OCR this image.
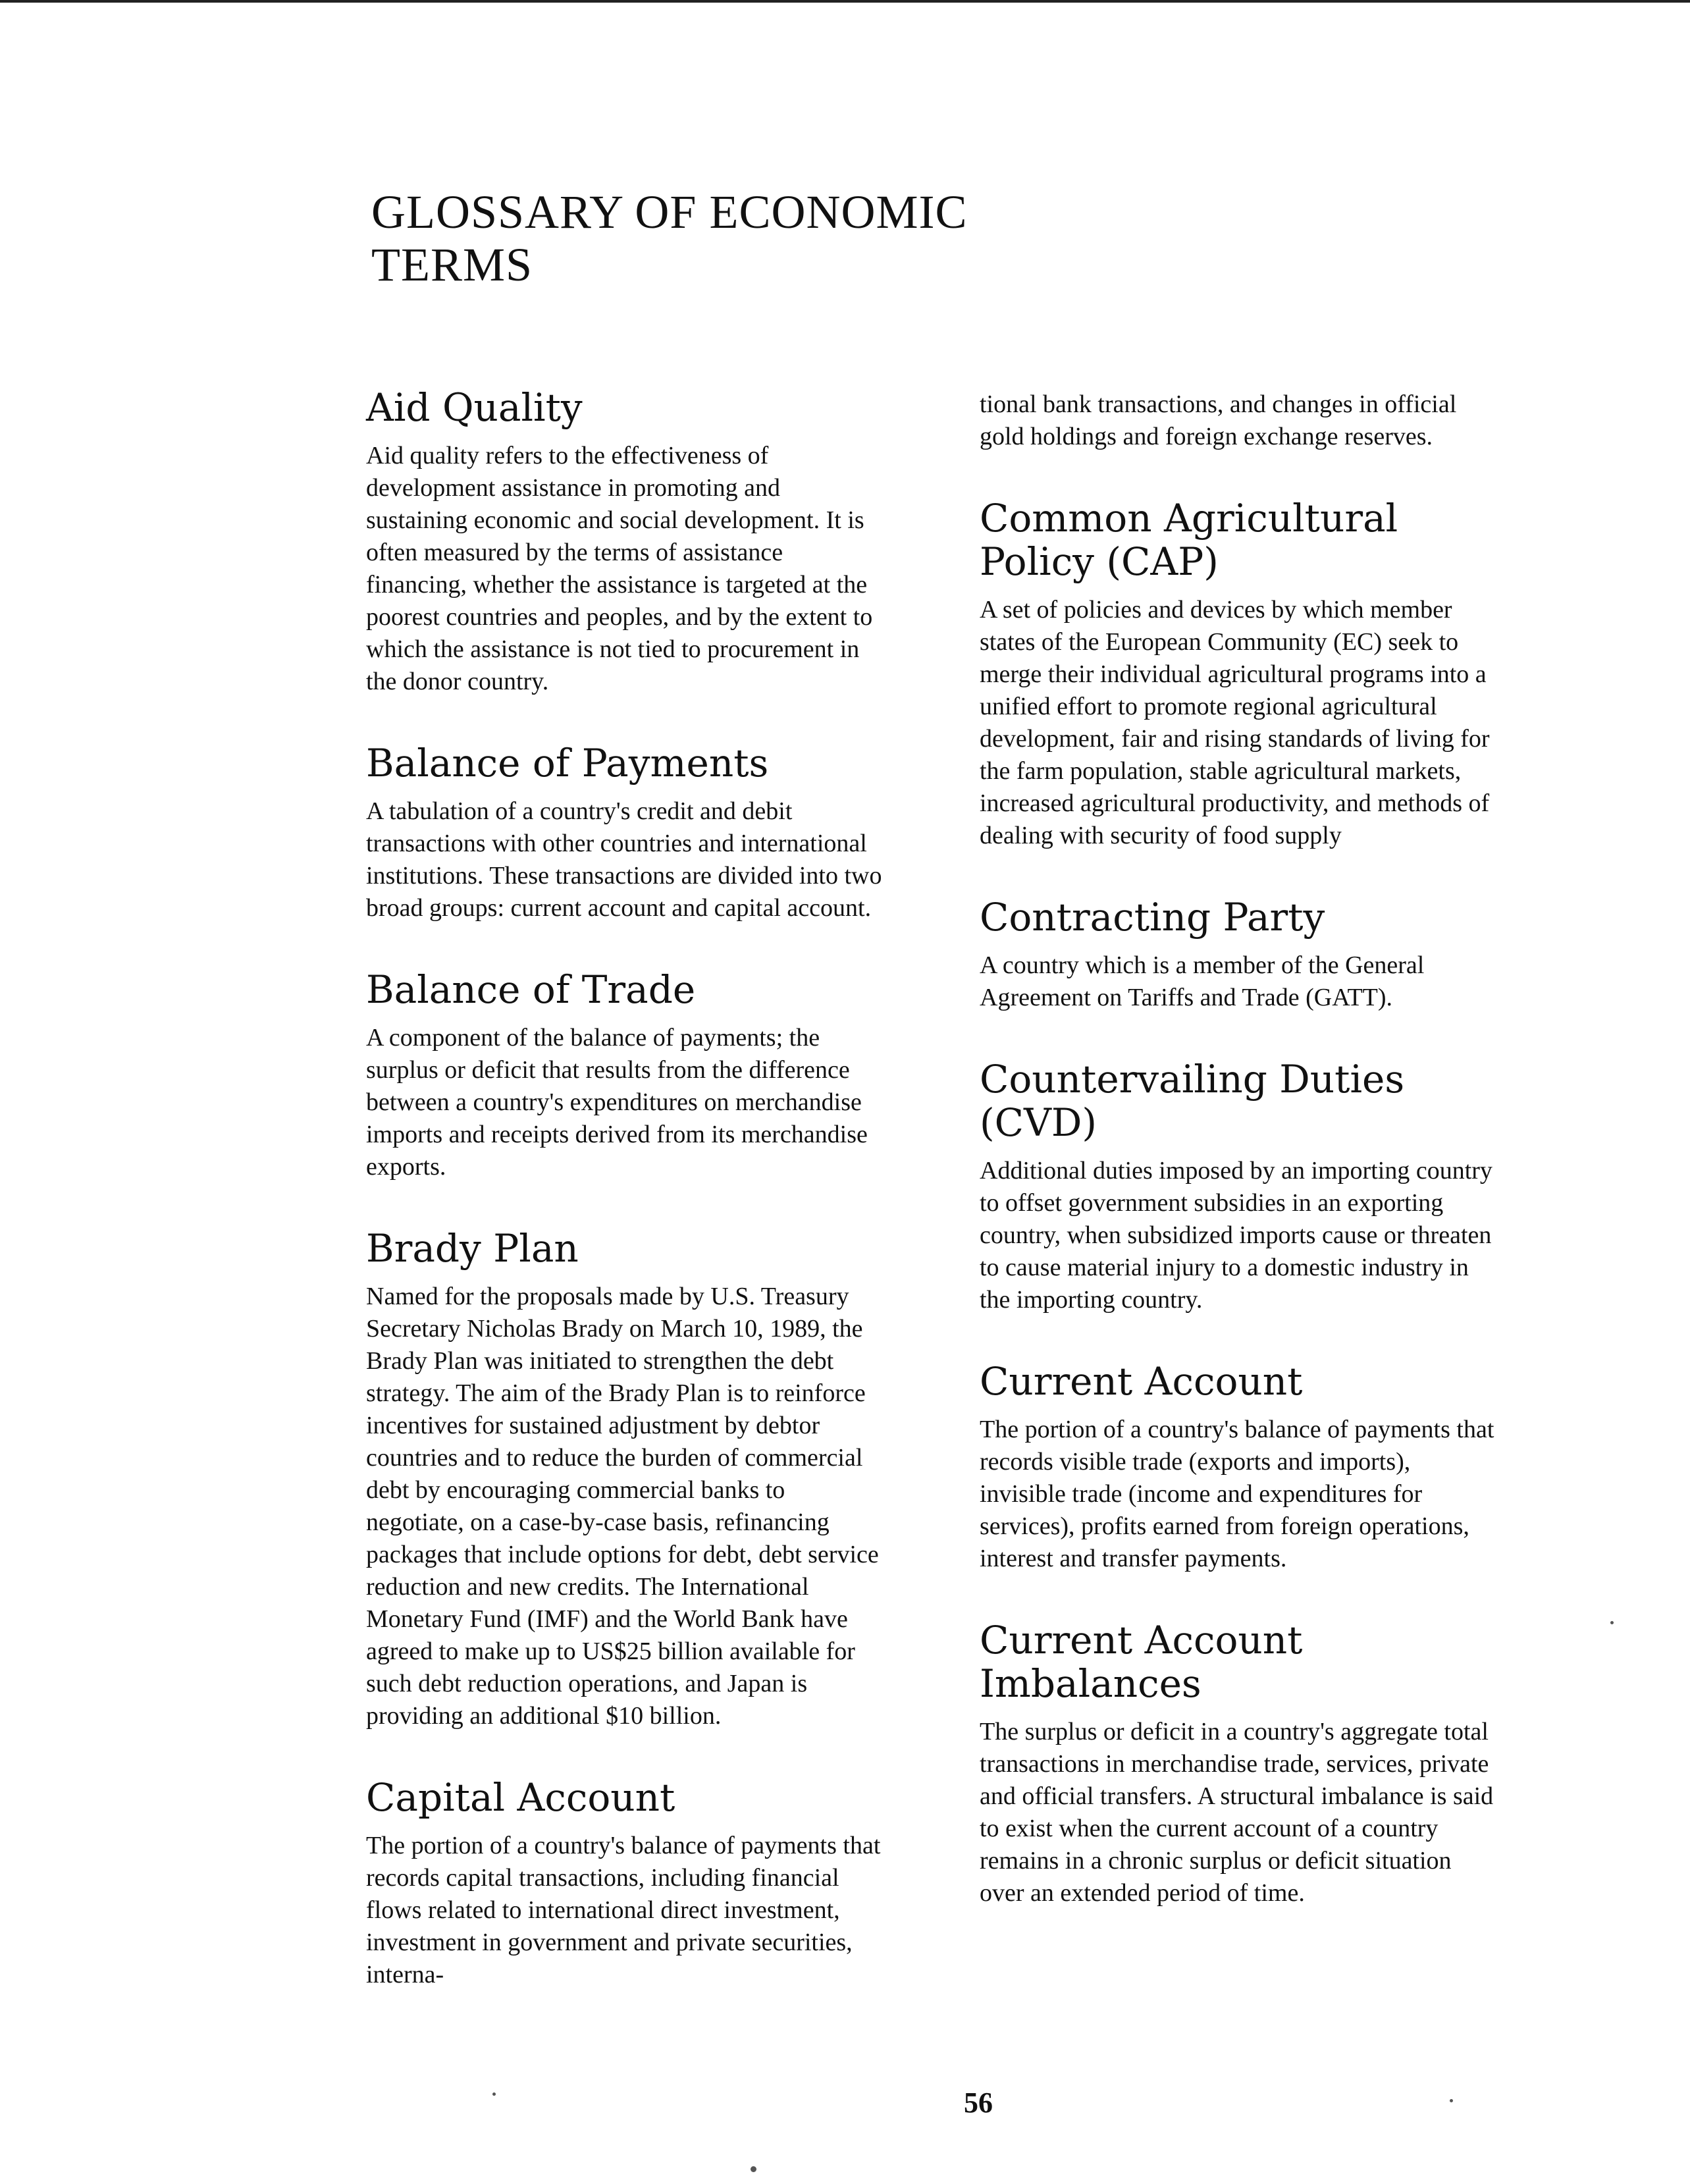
GLOSSARY OF ECONOMIC TERMS
Aid Quality

Aid quality refers to the effectiveness of development assistance in promoting and sustaining economic and social development. It is often measured by the terms of assistance financing, whether the assistance is targeted at the poorest countries and peoples, and by the extent to which the assistance is not tied to procurement in the donor country.

Balance of Payments

A tabulation of a country's credit and debit transactions with other countries and international institutions. These transactions are divided into two broad groups: current account and capital account.

Balance of Trade

A component of the balance of payments; the surplus or deficit that results from the difference between a country's expenditures on merchandise imports and receipts derived from its merchandise exports.

Brady Plan

Named for the proposals made by U.S. Treasury Secretary Nicholas Brady on March 10, 1989, the Brady Plan was initiated to strengthen the debt strategy. The aim of the Brady Plan is to reinforce incentives for sustained adjustment by debtor countries and to reduce the burden of commercial debt by encouraging commercial banks to negotiate, on a case-by-case basis, refinancing packages that include options for debt, debt service reduction and new credits. The International Monetary Fund (IMF) and the World Bank have agreed to make up to US$25 billion available for such debt reduction operations, and Japan is providing an additional $10 billion.

Capital Account

The portion of a country's balance of payments that records capital transactions, including financial flows related to international direct investment, investment in government and private securities, interna-

tional bank transactions, and changes in official gold holdings and foreign exchange reserves.

Common Agricultural Policy (CAP)

A set of policies and devices by which member states of the European Community (EC) seek to merge their individual agricultural programs into a unified effort to promote regional agricultural development, fair and rising standards of living for the farm population, stable agricultural markets, increased agricultural productivity, and methods of dealing with security of food supply

Contracting Party

A country which is a member of the General Agreement on Tariffs and Trade (GATT).

Countervailing Duties (CVD)

Additional duties imposed by an importing country to offset government subsidies in an exporting country, when subsidized imports cause or threaten to cause material injury to a domestic industry in the importing country.

Current Account

The portion of a country's balance of payments that records visible trade (exports and imports), invisible trade (income and expenditures for services), profits earned from foreign operations, interest and transfer payments.

Current Account Imbalances

The surplus or deficit in a country's aggregate total transactions in merchandise trade, services, private and official transfers. A structural imbalance is said to exist when the current account of a country remains in a chronic surplus or deficit situation over an extended period of time.

56
